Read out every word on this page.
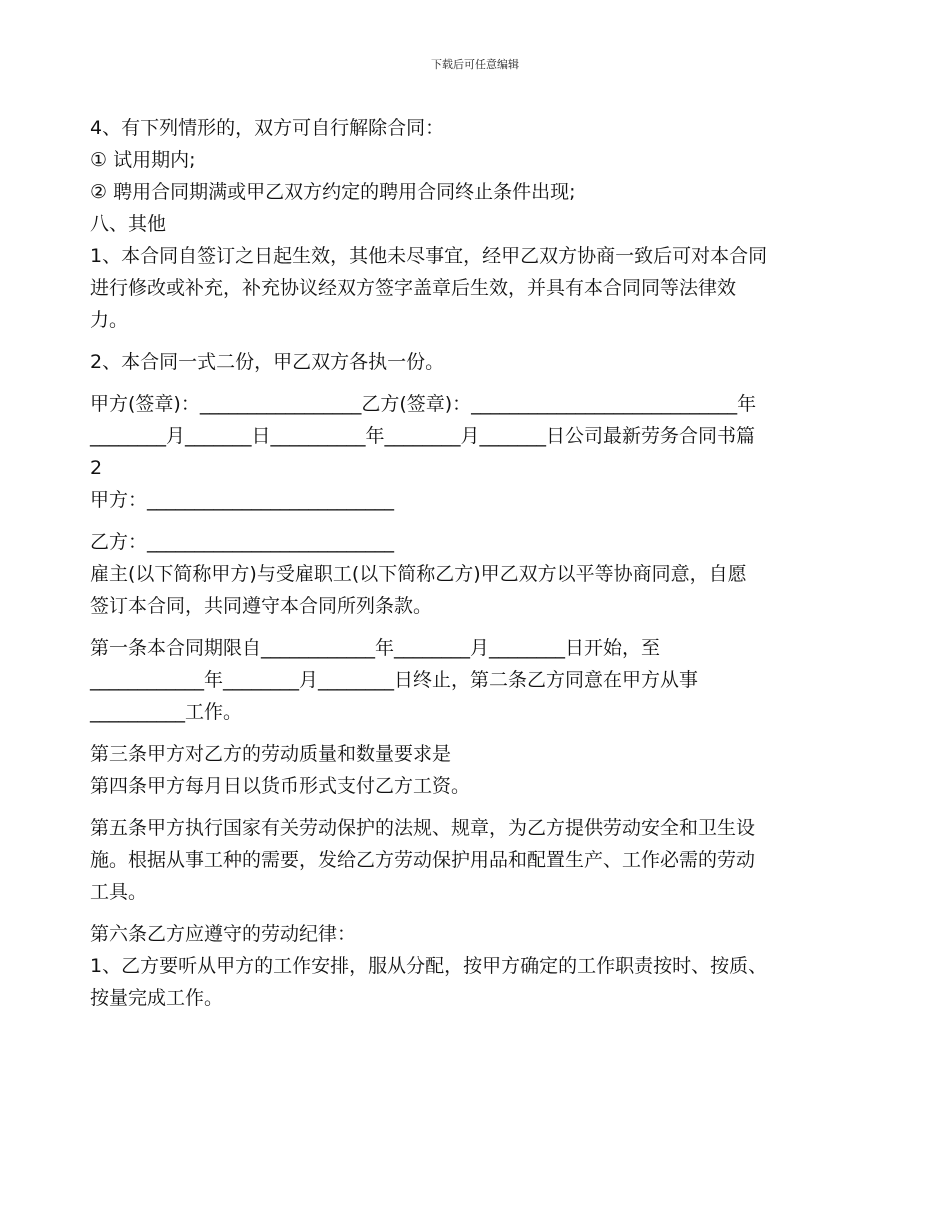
下载后可任意编辑

4、有下列情形的，双方可自行解除合同：

① 试用期内;

② 聘用合同期满或甲乙双方约定的聘用合同终止条件出现;

八、其他

1、本合同自签订之日起生效，其他未尽事宜，经甲乙双方协商一致后可对本合同
进行修改或补充，补充协议经双方签字盖章后生效，并具有本合同同等法律效
力。

2、本合同一式二份，甲乙双方各执一份。

甲方(签章)：_________________乙方(签章)：____________________________年
________月_______日__________年________月_______日公司最新劳务合同书篇
2

甲方：__________________________

乙方：__________________________

雇主(以下简称甲方)与受雇职工(以下简称乙方)甲乙双方以平等协商同意，自愿
签订本合同，共同遵守本合同所列条款。

第一条本合同期限自____________年________月________日开始，至
____________年________月________日终止，第二条乙方同意在甲方从事
__________工作。

第三条甲方对乙方的劳动质量和数量要求是

第四条甲方每月日以货币形式支付乙方工资。

第五条甲方执行国家有关劳动保护的法规、规章，为乙方提供劳动安全和卫生设
施。根据从事工种的需要，发给乙方劳动保护用品和配置生产、工作必需的劳动
工具。

第六条乙方应遵守的劳动纪律：

1、乙方要听从甲方的工作安排，服从分配，按甲方确定的工作职责按时、按质、
按量完成工作。
